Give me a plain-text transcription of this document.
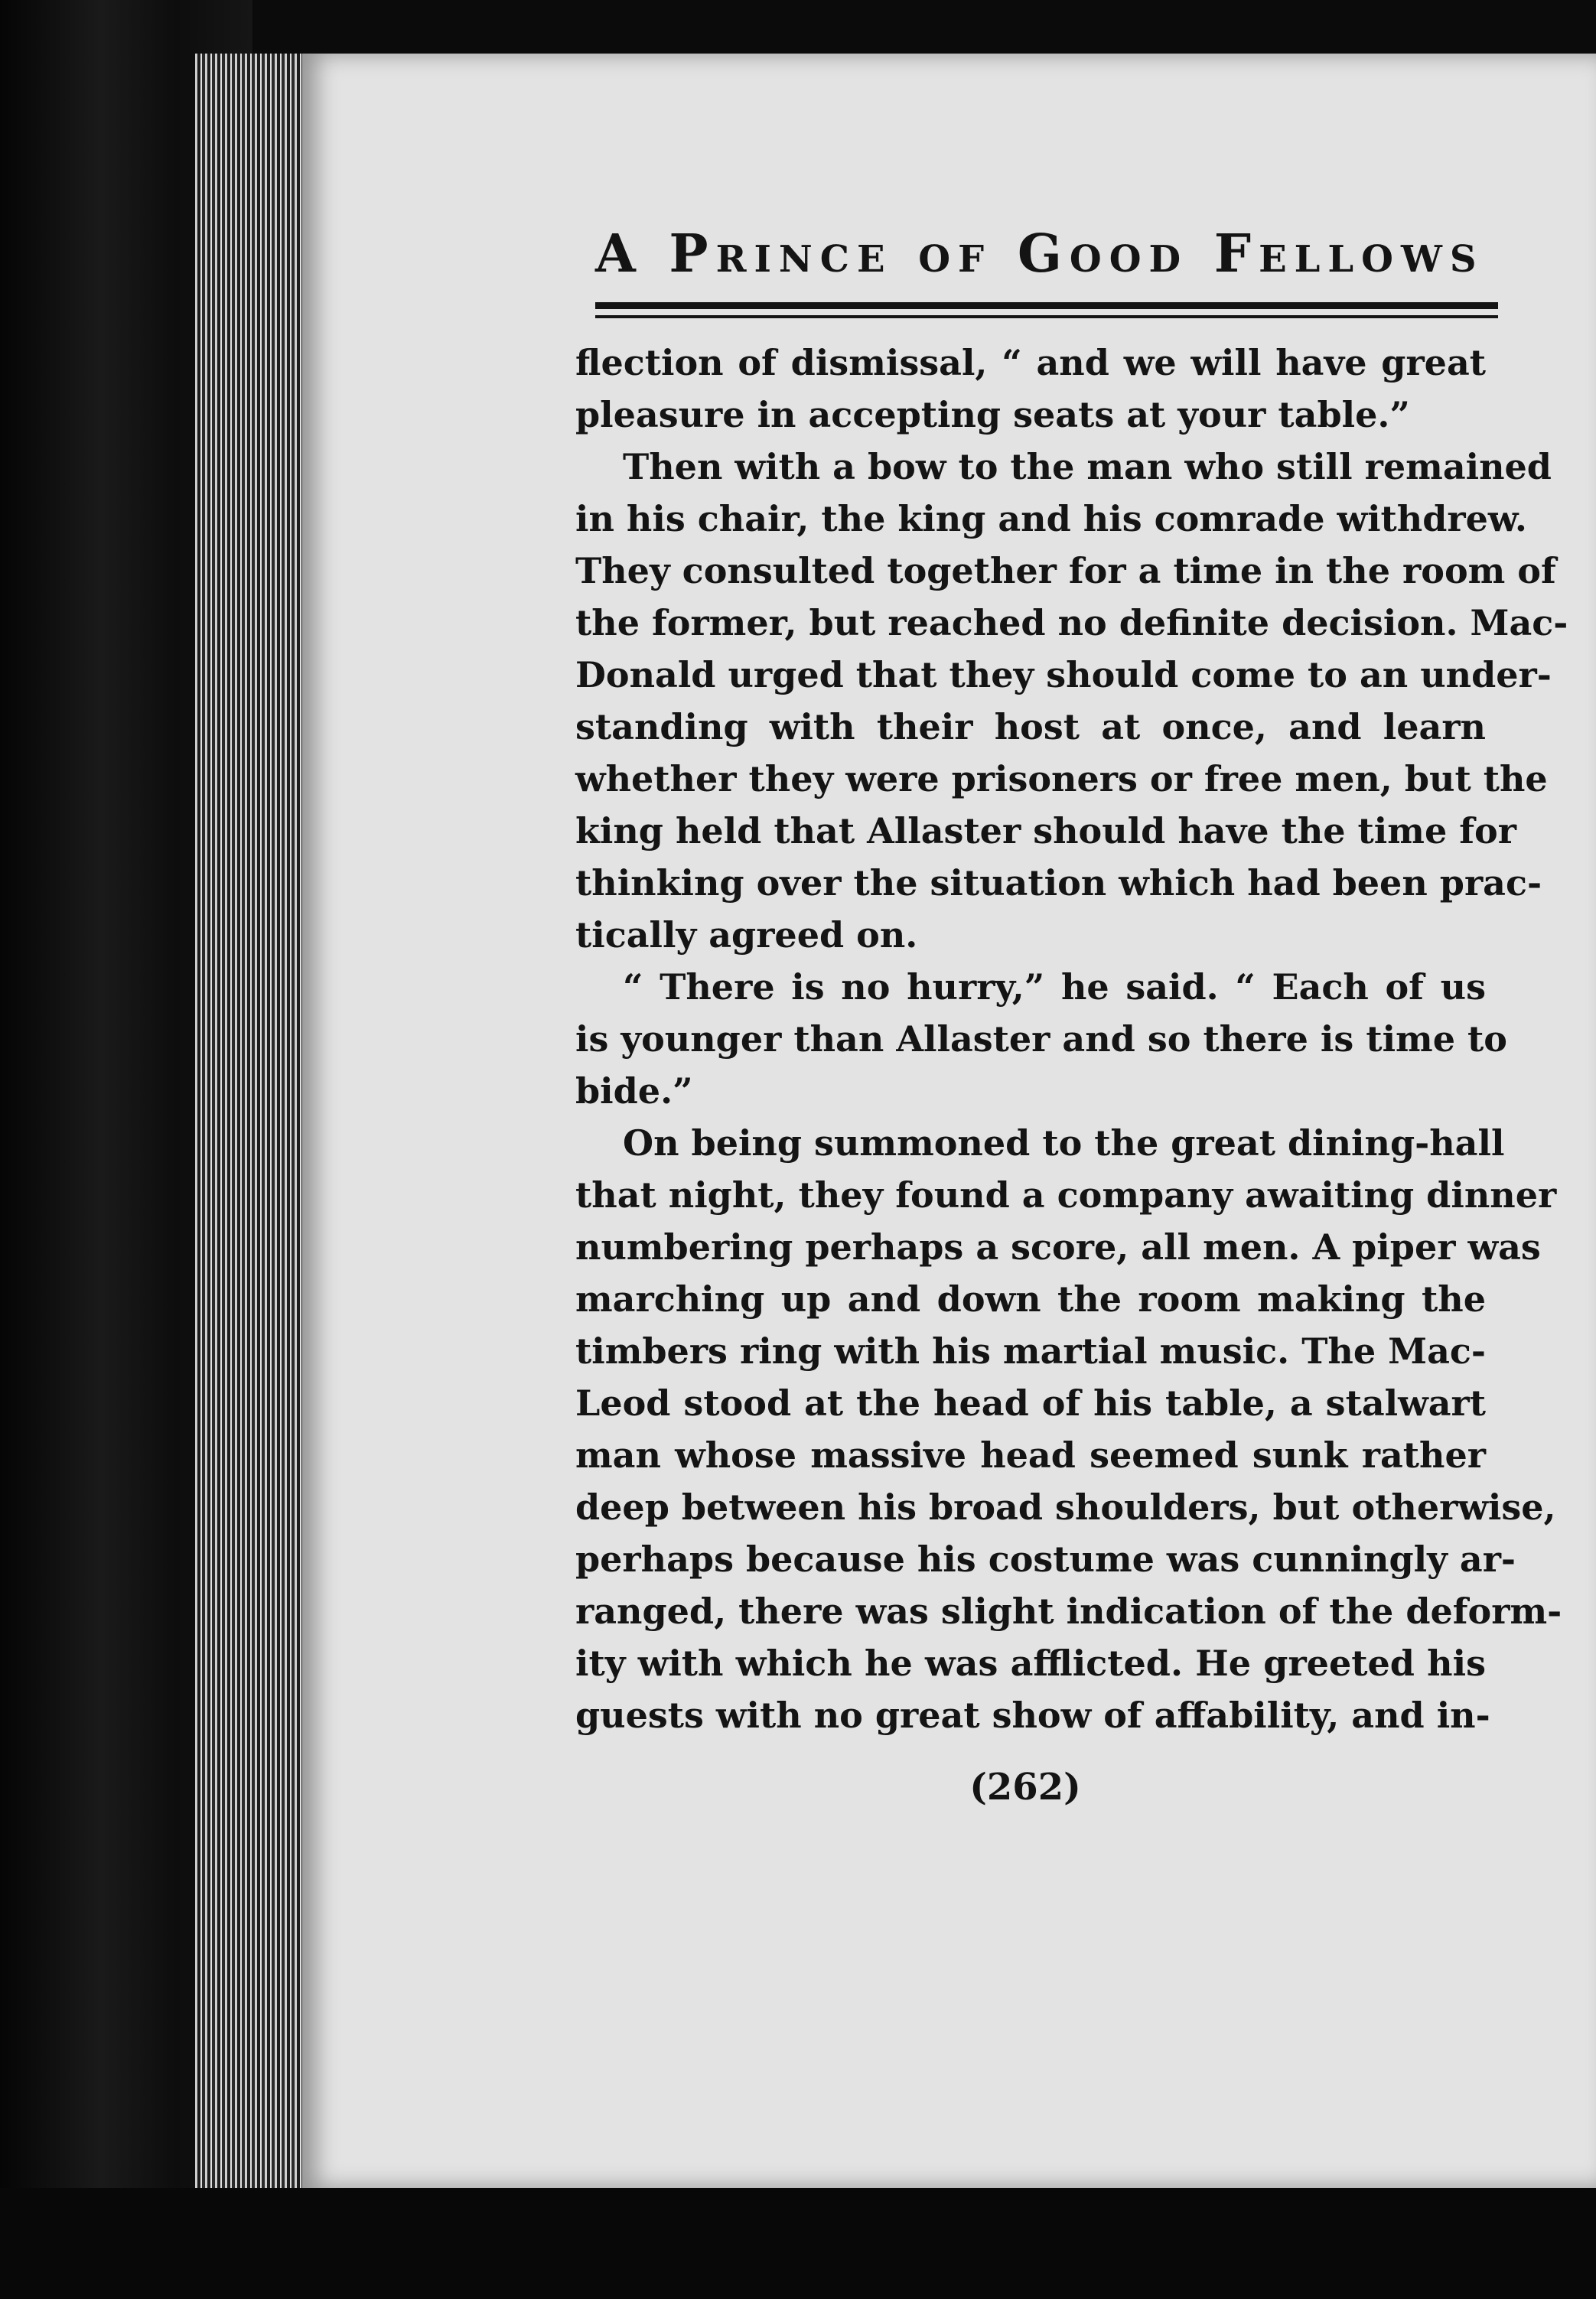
A Prince of Good Fellows
flection of dismissal, “ and we will have great
pleasure in accepting seats at your table.”
Then with a bow to the man who still remained
in his chair, the king and his comrade withdrew.
They consulted together for a time in the room of
the former, but reached no definite decision. Mac-
Donald urged that they should come to an under-
standing with their host at once, and learn
whether they were prisoners or free men, but the
king held that Allaster should have the time for
thinking over the situation which had been prac-
tically agreed on.
“ There is no hurry,” he said. “ Each of us
is younger than Allaster and so there is time to
bide.”
On being summoned to the great dining-hall
that night, they found a company awaiting dinner
numbering perhaps a score, all men. A piper was
marching up and down the room making the
timbers ring with his martial music. The Mac-
Leod stood at the head of his table, a stalwart
man whose massive head seemed sunk rather
deep between his broad shoulders, but otherwise,
perhaps because his costume was cunningly ar-
ranged, there was slight indication of the deform-
ity with which he was afflicted. He greeted his
guests with no great show of affability, and in-
(262)
